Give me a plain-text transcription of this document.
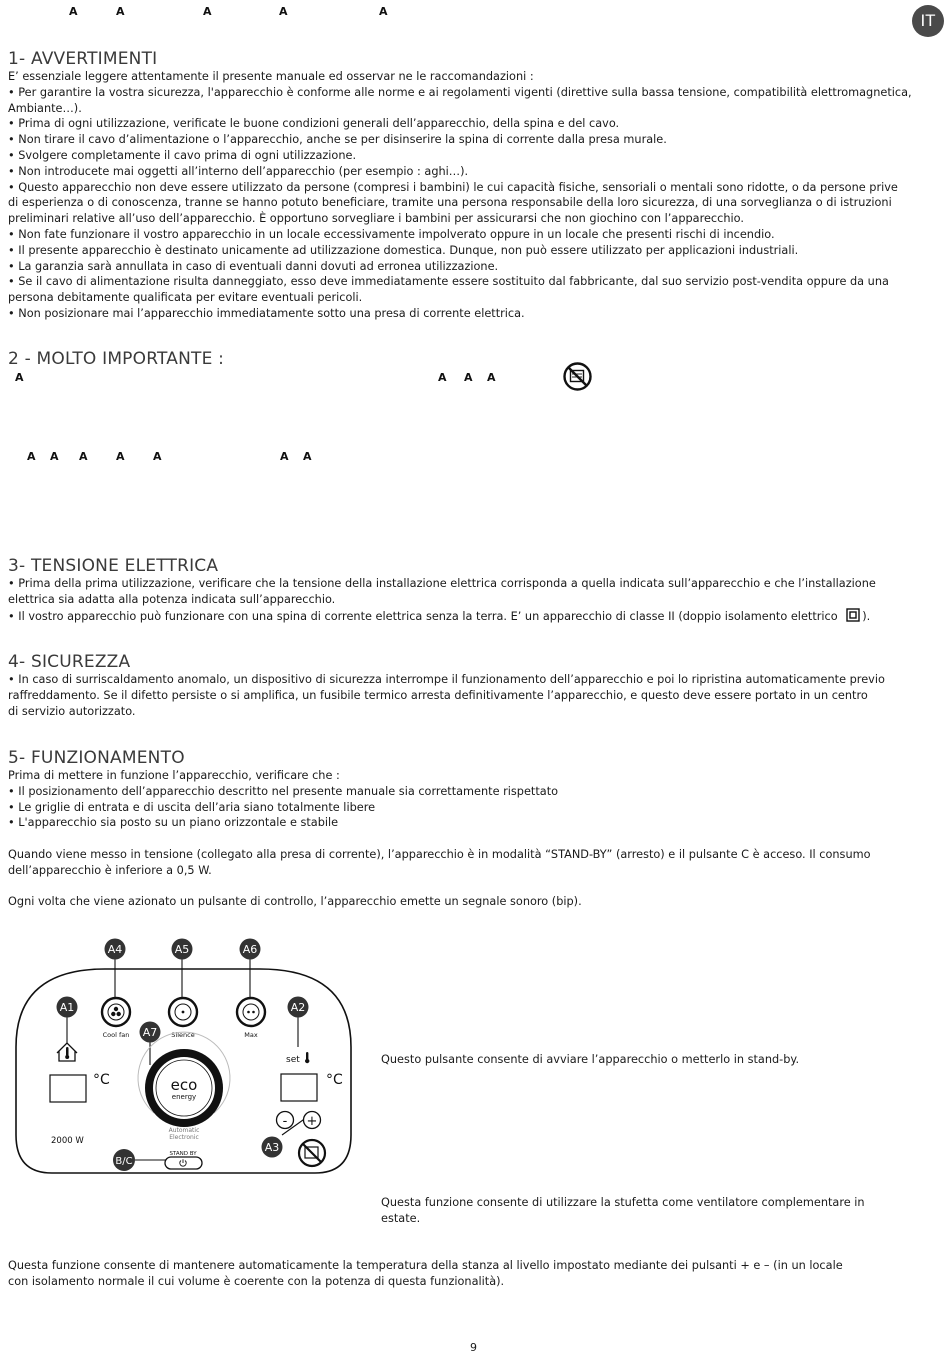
A	A	A	A	A	IT
1- AVVERTIMENTI
E’ essenziale leggere attentamente il presente manuale ed osservar ne le raccomandazioni :
• Per garantire la vostra sicurezza, l'apparecchio è conforme alle norme e ai regolamenti vigenti (direttive sulla bassa tensione, compatibilità elettromagnetica,
Ambiante…).
• Prima di ogni utilizzazione, verificate le buone condizioni generali dell’apparecchio, della spina e del cavo.
• Non tirare il cavo d’alimentazione o l’apparecchio, anche se per disinserire la spina di corrente dalla presa murale.
• Svolgere completamente il cavo prima di ogni utilizzazione.
• Non introducete mai oggetti all’interno dell’apparecchio (per esempio : aghi…).
• Questo apparecchio non deve essere utilizzato da persone (compresi i bambini) le cui capacità fisiche, sensoriali o mentali sono ridotte, o da persone prive
di esperienza o di conoscenza, tranne se hanno potuto beneficiare, tramite una persona responsabile della loro sicurezza, di una sorveglianza o di istruzioni
preliminari relative all’uso dell’apparecchio. È opportuno sorvegliare i bambini per assicurarsi che non giochino con l’apparecchio.
• Non fate funzionare il vostro apparecchio in un locale eccessivamente impolverato oppure in un locale che presenti rischi di incendio.
• Il presente apparecchio è destinato unicamente ad utilizzazione domestica. Dunque, non può essere utilizzato per applicazioni industriali.
• La garanzia sarà annullata in caso di eventuali danni dovuti ad erronea utilizzazione.
• Se il cavo di alimentazione risulta danneggiato, esso deve immediatamente essere sostituito dal fabbricante, dal suo servizio post-vendita oppure da una
persona debitamente qualificata per evitare eventuali pericoli.
• Non posizionare mai l’apparecchio immediatamente sotto una presa di corrente elettrica.
2 - MOLTO IMPORTANTE :
A	A A A
A A A	A	A	A A
3- TENSIONE ELETTRICA
• Prima della prima utilizzazione, verificare che la tensione della installazione elettrica corrisponda a quella indicata sull’apparecchio e che l’installazione
elettrica sia adatta alla potenza indicata sull’apparecchio.
• Il vostro apparecchio può funzionare con una spina di corrente elettrica senza la terra. E’ un apparecchio di classe II (doppio isolamento elettrico ).
4- SICUREZZA
• In caso di surriscaldamento anomalo, un dispositivo di sicurezza interrompe il funzionamento dell’apparecchio e poi lo ripristina automaticamente previo
raffreddamento. Se il difetto persiste o si amplifica, un fusibile termico arresta definitivamente l’apparecchio, e questo deve essere portato in un centro
di servizio autorizzato.
5- FUNZIONAMENTO
Prima di mettere in funzione l’apparecchio, verificare che :
• Il posizionamento dell’apparecchio descritto nel presente manuale sia correttamente rispettato
• Le griglie di entrata e di uscita dell’aria siano totalmente libere
• L'apparecchio sia posto su un piano orizzontale e stabile
Quando viene messo in tensione (collegato alla presa di corrente), l’apparecchio è in modalità “STAND-BY” (arresto) e il pulsante C è acceso. Il consumo
dell’apparecchio è inferiore a 0,5 W.
Ogni volta che viene azionato un pulsante di controllo, l’apparecchio emette un segnale sonoro (bip).
A4	A5	A6
A1	A2
A7
A3
B/C
Cool fan	Silence	Max
°C
set
°C
eco
energy
Automatic
Electronic
- +
2000 W
STAND BY
Questo pulsante consente di avviare l’apparecchio o metterlo in stand-by.
Questa funzione consente di utilizzare la stufetta come ventilatore complementare in
estate.
Questa funzione consente di mantenere automaticamente la temperatura della stanza al livello impostato mediante dei pulsanti + e – (in un locale
con isolamento normale il cui volume è coerente con la potenza di questa funzionalità).
9
